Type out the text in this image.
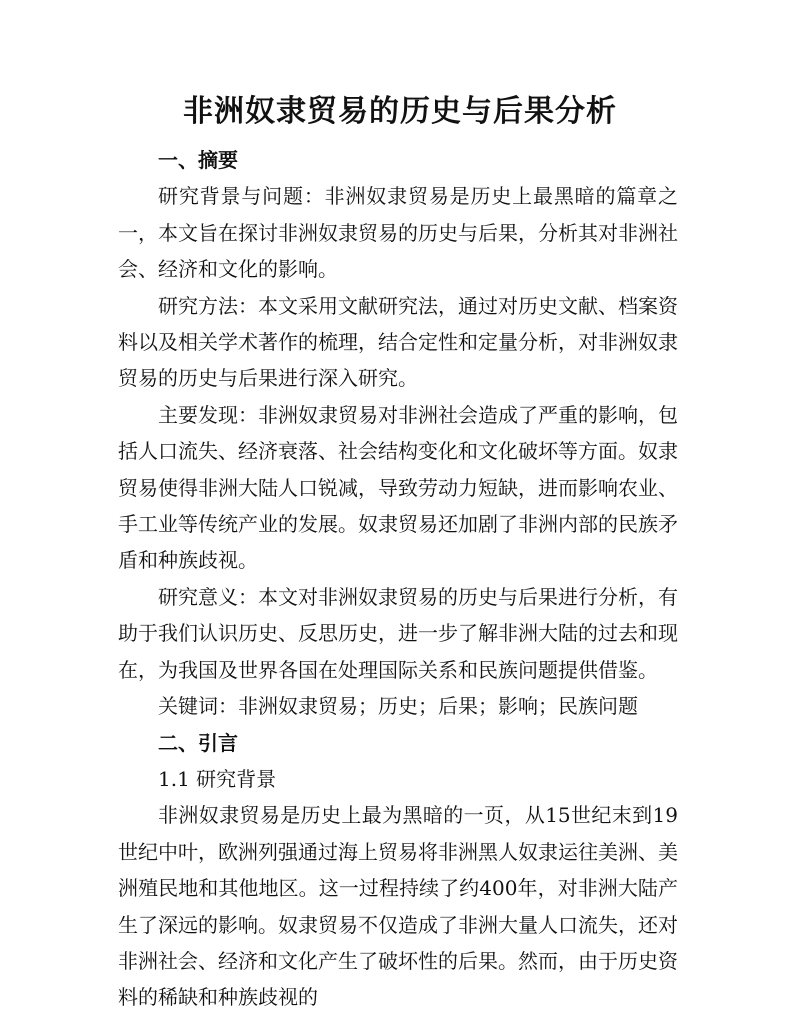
非洲奴隶贸易的历史与后果分析

一、摘要

研究背景与问题：非洲奴隶贸易是历史上最黑暗的篇章之一，本文旨在探讨非洲奴隶贸易的历史与后果，分析其对非洲社会、经济和文化的影响。

研究方法：本文采用文献研究法，通过对历史文献、档案资料以及相关学术著作的梳理，结合定性和定量分析，对非洲奴隶贸易的历史与后果进行深入研究。

主要发现：非洲奴隶贸易对非洲社会造成了严重的影响，包括人口流失、经济衰落、社会结构变化和文化破坏等方面。奴隶贸易使得非洲大陆人口锐减，导致劳动力短缺，进而影响农业、手工业等传统产业的发展。奴隶贸易还加剧了非洲内部的民族矛盾和种族歧视。

研究意义：本文对非洲奴隶贸易的历史与后果进行分析，有助于我们认识历史、反思历史，进一步了解非洲大陆的过去和现在，为我国及世界各国在处理国际关系和民族问题提供借鉴。

关键词：非洲奴隶贸易；历史；后果；影响；民族问题

二、引言

1.1 研究背景

非洲奴隶贸易是历史上最为黑暗的一页，从15世纪末到19世纪中叶，欧洲列强通过海上贸易将非洲黑人奴隶运往美洲、美洲殖民地和其他地区。这一过程持续了约400年，对非洲大陆产生了深远的影响。奴隶贸易不仅造成了非洲大量人口流失，还对非洲社会、经济和文化产生了破坏性的后果。然而，由于历史资料的稀缺和种族歧视的
